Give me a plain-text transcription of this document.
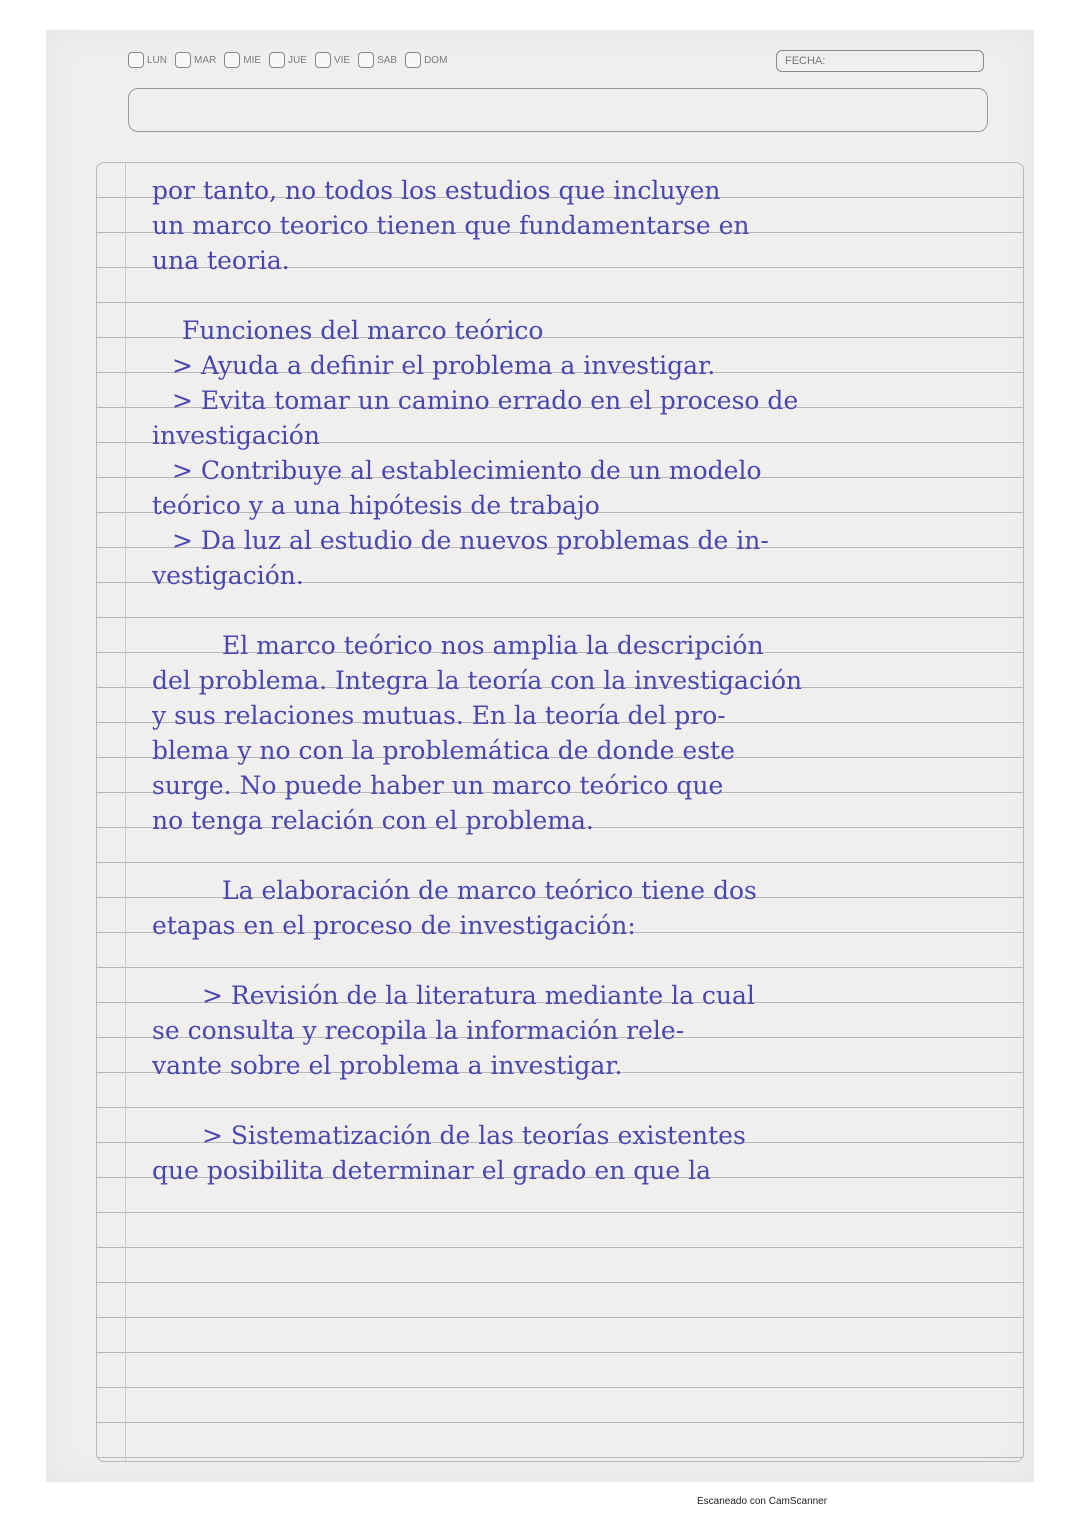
LUN	MAR	MIE	JUE	VIE	SAB	DOM	FECHA:

por tanto, no todos los estudios que incluyen

un marco teorico tienen que fundamentarse en

una teoria.

Funciones del marco teórico

> Ayuda a definir el problema a investigar.

> Evita tomar un camino errado en el proceso de

investigación

> Contribuye al establecimiento de un modelo

teórico y a una hipótesis de trabajo

> Da luz al estudio de nuevos problemas de in-

vestigación.

El marco teórico nos amplia la descripción

del problema. Integra la teoría con la investigación

y sus relaciones mutuas. En la teoría del pro-

blema y no con la problemática de donde este

surge. No puede haber un marco teórico que

no tenga relación con el problema.

La elaboración de marco teórico tiene dos

etapas en el proceso de investigación:

> Revisión de la literatura mediante la cual

se consulta y recopila la información rele-

vante sobre el problema a investigar.

> Sistematización de las teorías existentes

que posibilita determinar el grado en que la

Escaneado con CamScanner
